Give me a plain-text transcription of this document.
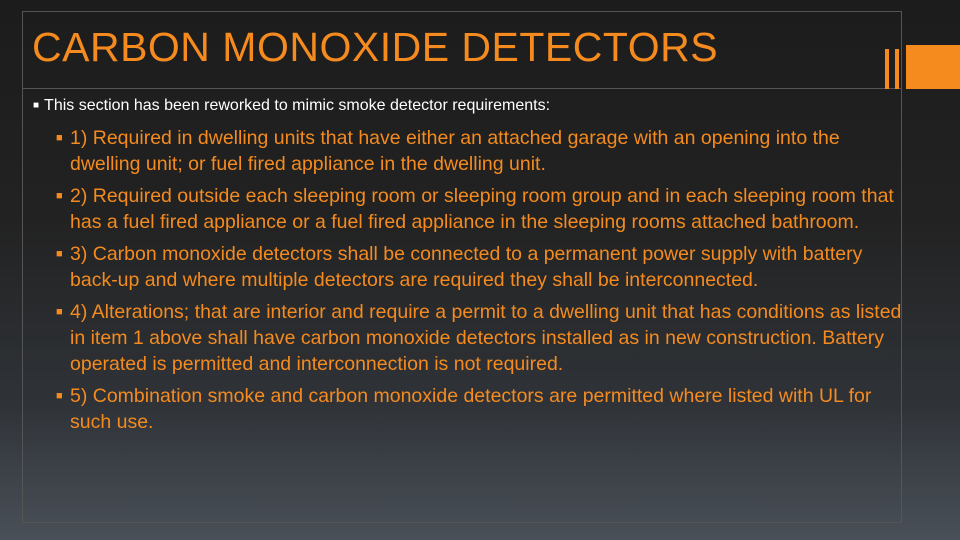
CARBON MONOXIDE DETECTORS
■ This section has been reworked to mimic smoke detector requirements:
■ 1) Required in dwelling units that have either an attached garage with an opening into the dwelling unit; or fuel fired appliance in the dwelling unit.
■ 2) Required outside each sleeping room or sleeping room group and in each sleeping room that has a fuel fired appliance or a fuel fired appliance in the sleeping rooms attached bathroom.
■ 3) Carbon monoxide detectors shall be connected to a permanent power supply with battery back-up and where multiple detectors are required they shall be interconnected.
■ 4) Alterations; that are interior and require a permit to a dwelling unit that has conditions as listed in item 1 above shall have carbon monoxide detectors installed as in new construction. Battery operated is permitted and interconnection is not required.
■ 5) Combination smoke and carbon monoxide detectors are permitted where listed with UL for such use.
